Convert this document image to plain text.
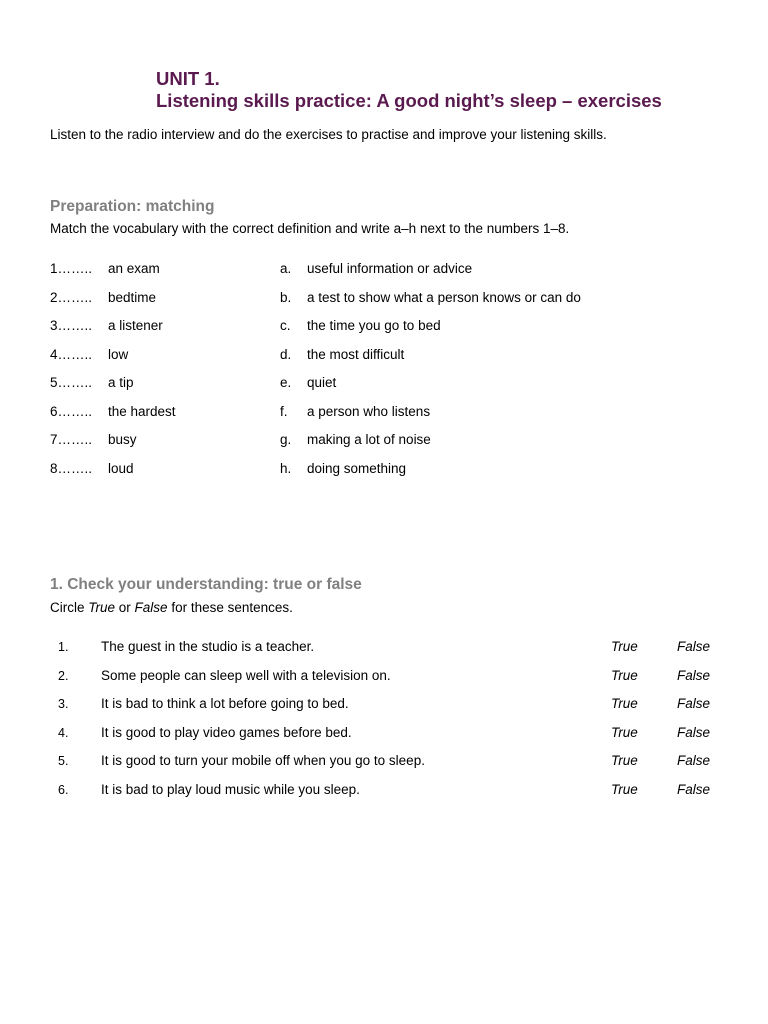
UNIT 1.
Listening skills practice: A good night’s sleep – exercises
Listen to the radio interview and do the exercises to practise and improve your listening skills.
Preparation: matching
Match the vocabulary with the correct definition and write a–h next to the numbers 1–8.
1…….. an exam	a. useful information or advice
2…….. bedtime	b. a test to show what a person knows or can do
3…….. a listener	c. the time you go to bed
4…….. low	d. the most difficult
5…….. a tip	e. quiet
6…….. the hardest	f. a person who listens
7…….. busy	g. making a lot of noise
8…….. loud	h. doing something
1. Check your understanding: true or false
Circle True or False for these sentences.
1. The guest in the studio is a teacher.	True	False
2. Some people can sleep well with a television on.	True	False
3. It is bad to think a lot before going to bed.	True	False
4. It is good to play video games before bed.	True	False
5. It is good to turn your mobile off when you go to sleep.	True	False
6. It is bad to play loud music while you sleep.	True	False
